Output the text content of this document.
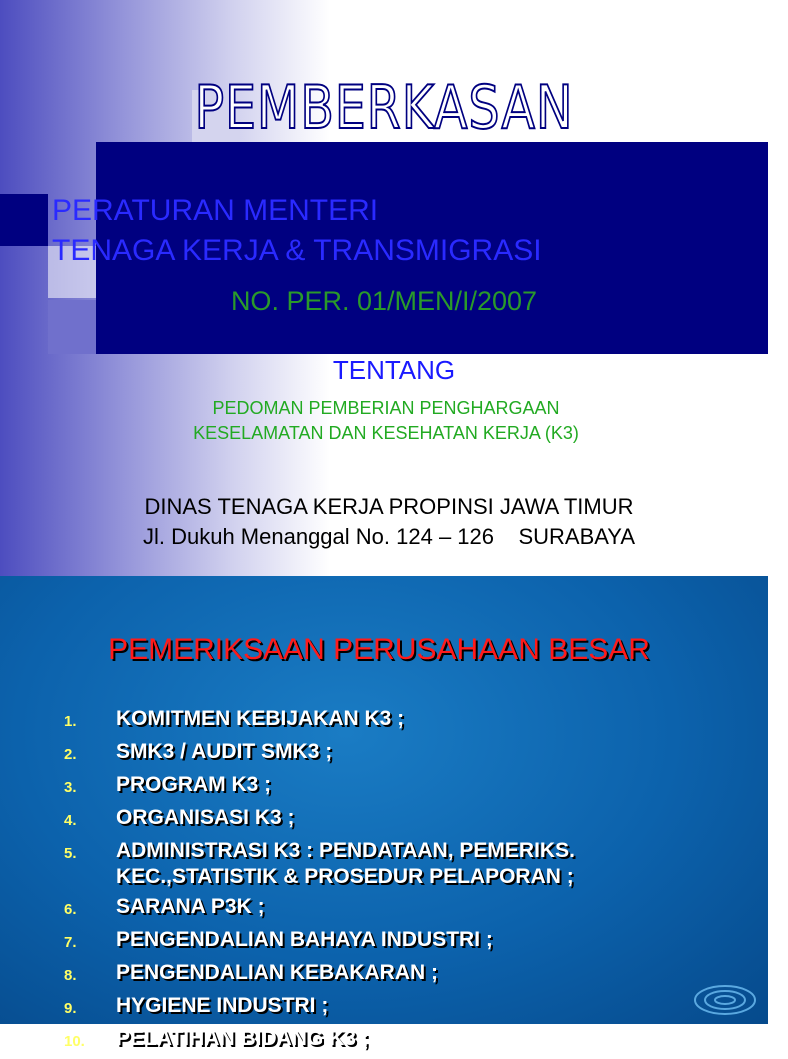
PEMBERKASAN
PERATURAN MENTERI
TENAGA KERJA & TRANSMIGRASI
NO. PER. 01/MEN/I/2007
TENTANG
PEDOMAN PEMBERIAN PENGHARGAAN
KESELAMATAN DAN KESEHATAN KERJA (K3)
DINAS TENAGA KERJA PROPINSI JAWA TIMUR
Jl. Dukuh Menanggal No. 124 – 126    SURABAYA
PEMERIKSAAN PERUSAHAAN BESAR
1.	KOMITMEN KEBIJAKAN K3 ;
2.	SMK3 / AUDIT SMK3 ;
3.	PROGRAM K3 ;
4.	ORGANISASI K3 ;
5.	ADMINISTRASI K3 : PENDATAAN, PEMERIKS.
KEC.,STATISTIK & PROSEDUR PELAPORAN ;
6.	SARANA P3K ;
7.	PENGENDALIAN BAHAYA INDUSTRI ;
8.	PENGENDALIAN KEBAKARAN ;
9.	HYGIENE INDUSTRI ;
10.	PELATIHAN BIDANG K3 ;
